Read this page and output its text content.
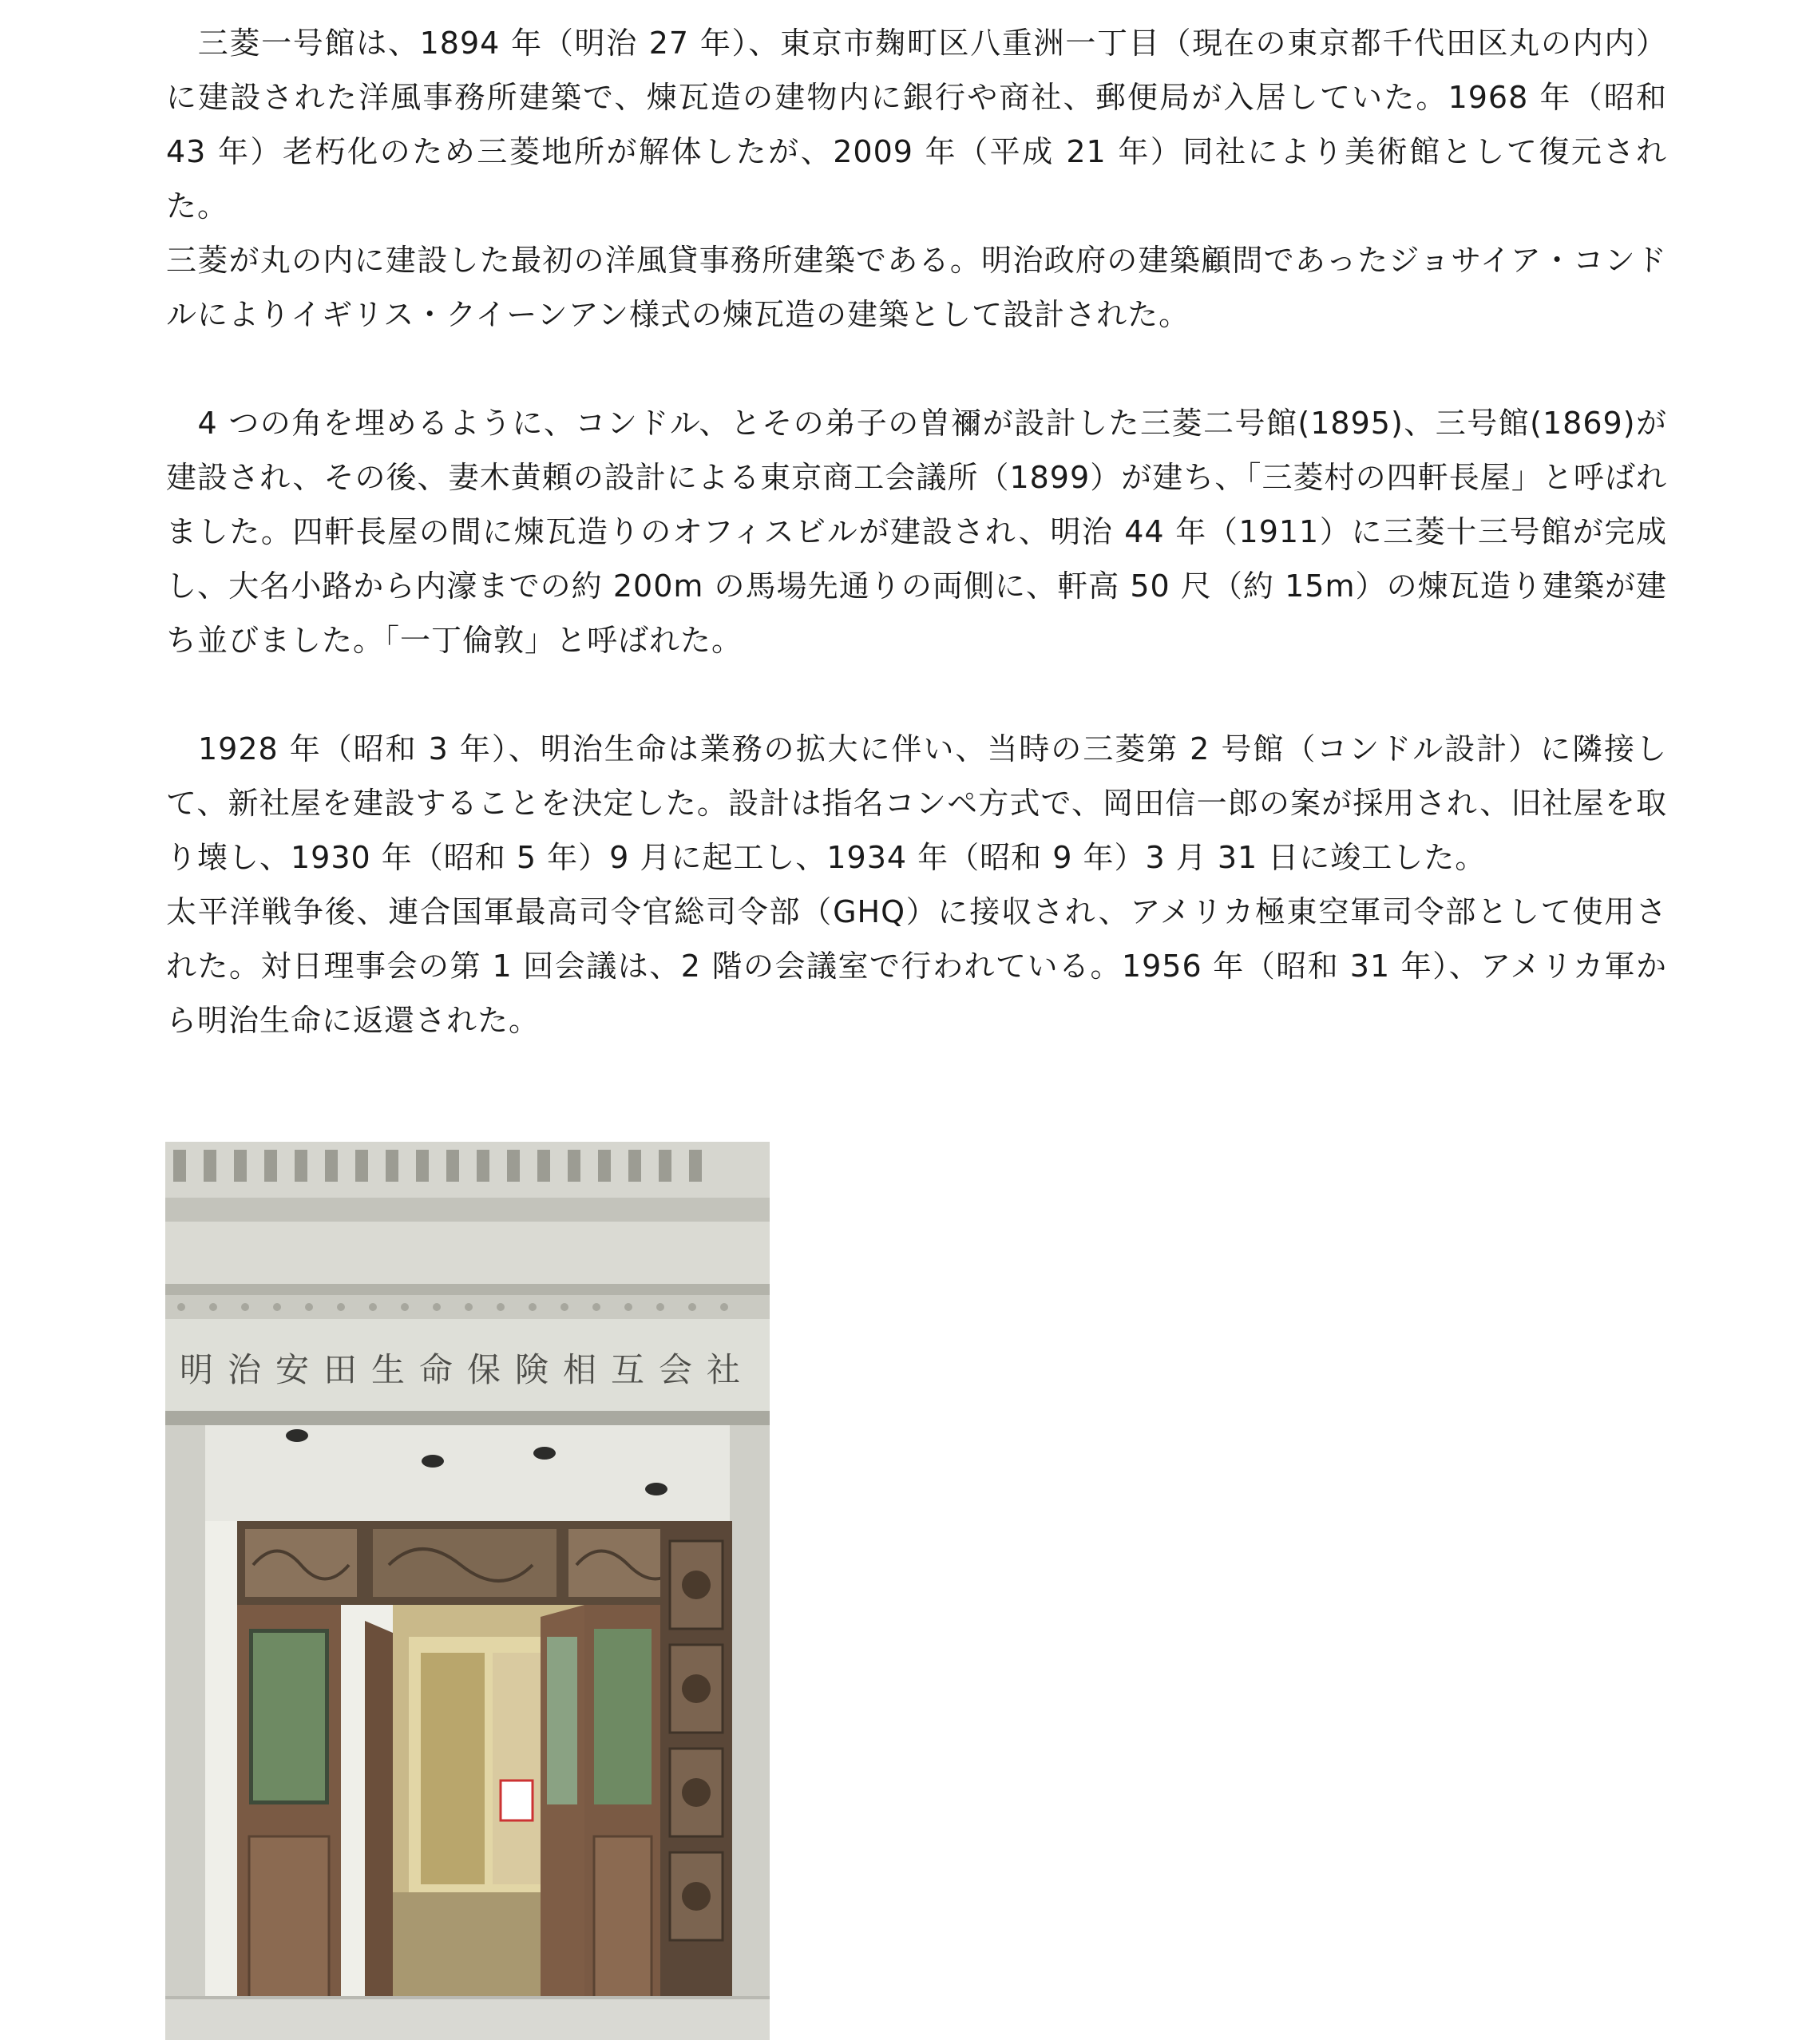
　三菱一号館は、1894 年（明治 27 年）、東京市麹町区八重洲一丁目（現在の東京都千代田区丸の内内）に建設された洋風事務所建築で、煉瓦造の建物内に銀行や商社、郵便局が入居していた。1968 年（昭和 43 年）老朽化のため三菱地所が解体したが、2009 年（平成 21 年）同社により美術館として復元された。

三菱が丸の内に建設した最初の洋風貸事務所建築である。明治政府の建築顧問であったジョサイア・コンドルによりイギリス・クイーンアン様式の煉瓦造の建築として設計された。

　4 つの角を埋めるように、コンドル、とその弟子の曽禰が設計した三菱二号館(1895)、三号館(1869)が建設され、その後、妻木黄頼の設計による東京商工会議所（1899）が建ち、「三菱村の四軒長屋」と呼ばれました。四軒長屋の間に煉瓦造りのオフィスビルが建設され、明治 44 年（1911）に三菱十三号館が完成し、大名小路から内濠までの約 200m の馬場先通りの両側に、軒高 50 尺（約 15m）の煉瓦造り建築が建ち並びました。「一丁倫敦」と呼ばれた。

　1928 年（昭和 3 年）、明治生命は業務の拡大に伴い、当時の三菱第 2 号館（コンドル設計）に隣接して、新社屋を建設することを決定した。設計は指名コンペ方式で、岡田信一郎の案が採用され、旧社屋を取り壊し、1930 年（昭和 5 年）9 月に起工し、1934 年（昭和 9 年）3 月 31 日に竣工した。

太平洋戦争後、連合国軍最高司令官総司令部（GHQ）に接収され、アメリカ極東空軍司令部として使用された。対日理事会の第 1 回会議は、2 階の会議室で行われている。1956 年（昭和 31 年）、アメリカ軍から明治生命に返還された。

明治安田生命保険相互会社
